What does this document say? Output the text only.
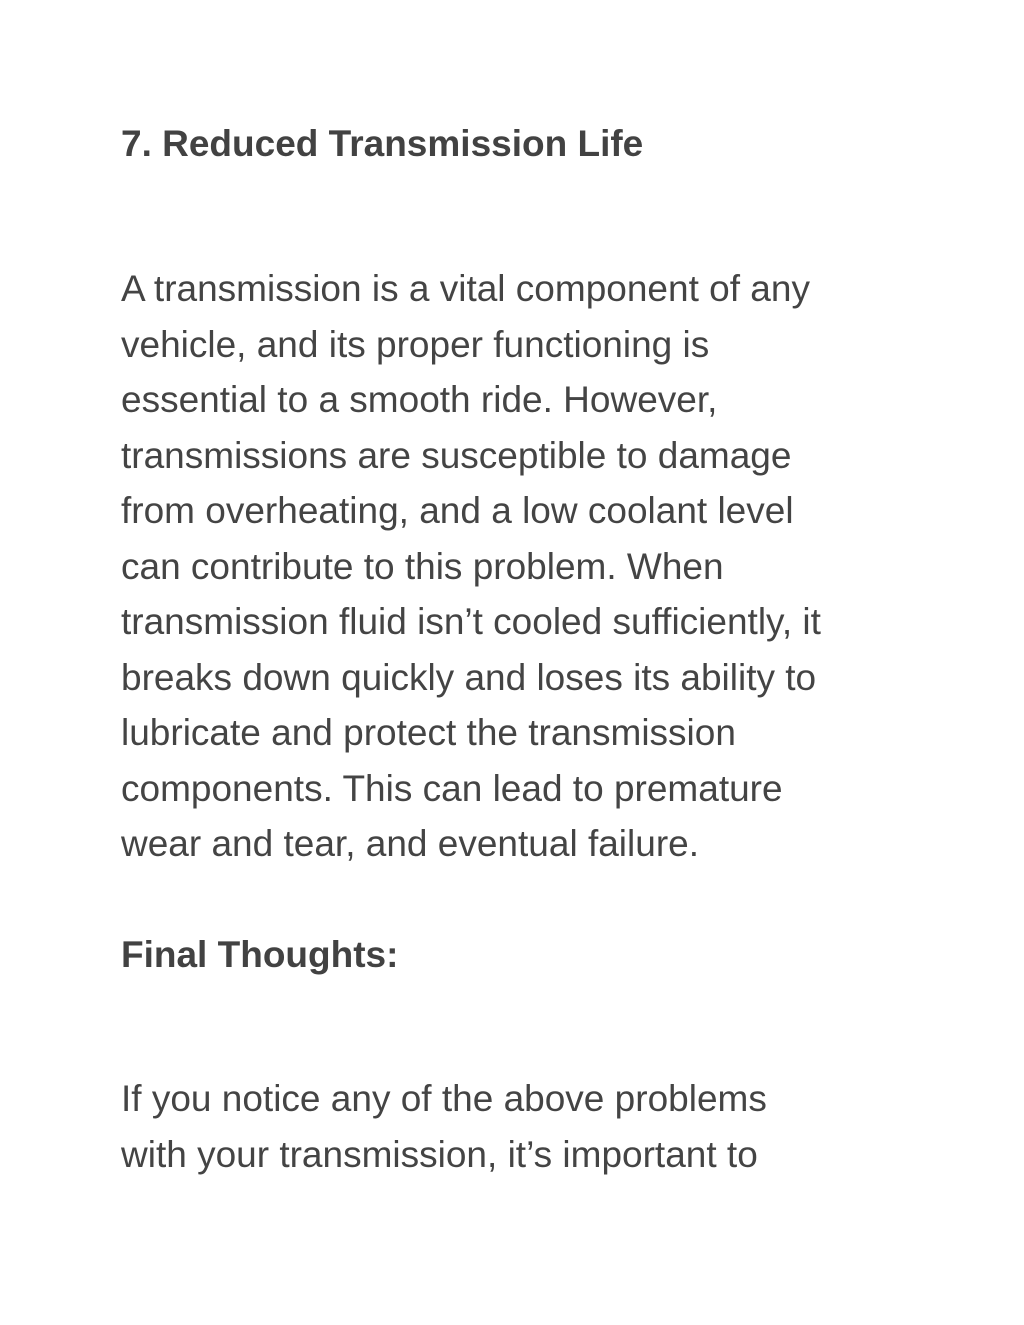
7. Reduced Transmission Life

A transmission is a vital component of any
vehicle, and its proper functioning is
essential to a smooth ride. However,
transmissions are susceptible to damage
from overheating, and a low coolant level
can contribute to this problem. When
transmission fluid isn’t cooled sufficiently, it
breaks down quickly and loses its ability to
lubricate and protect the transmission
components. This can lead to premature
wear and tear, and eventual failure.

Final Thoughts:

If you notice any of the above problems
with your transmission, it’s important to
